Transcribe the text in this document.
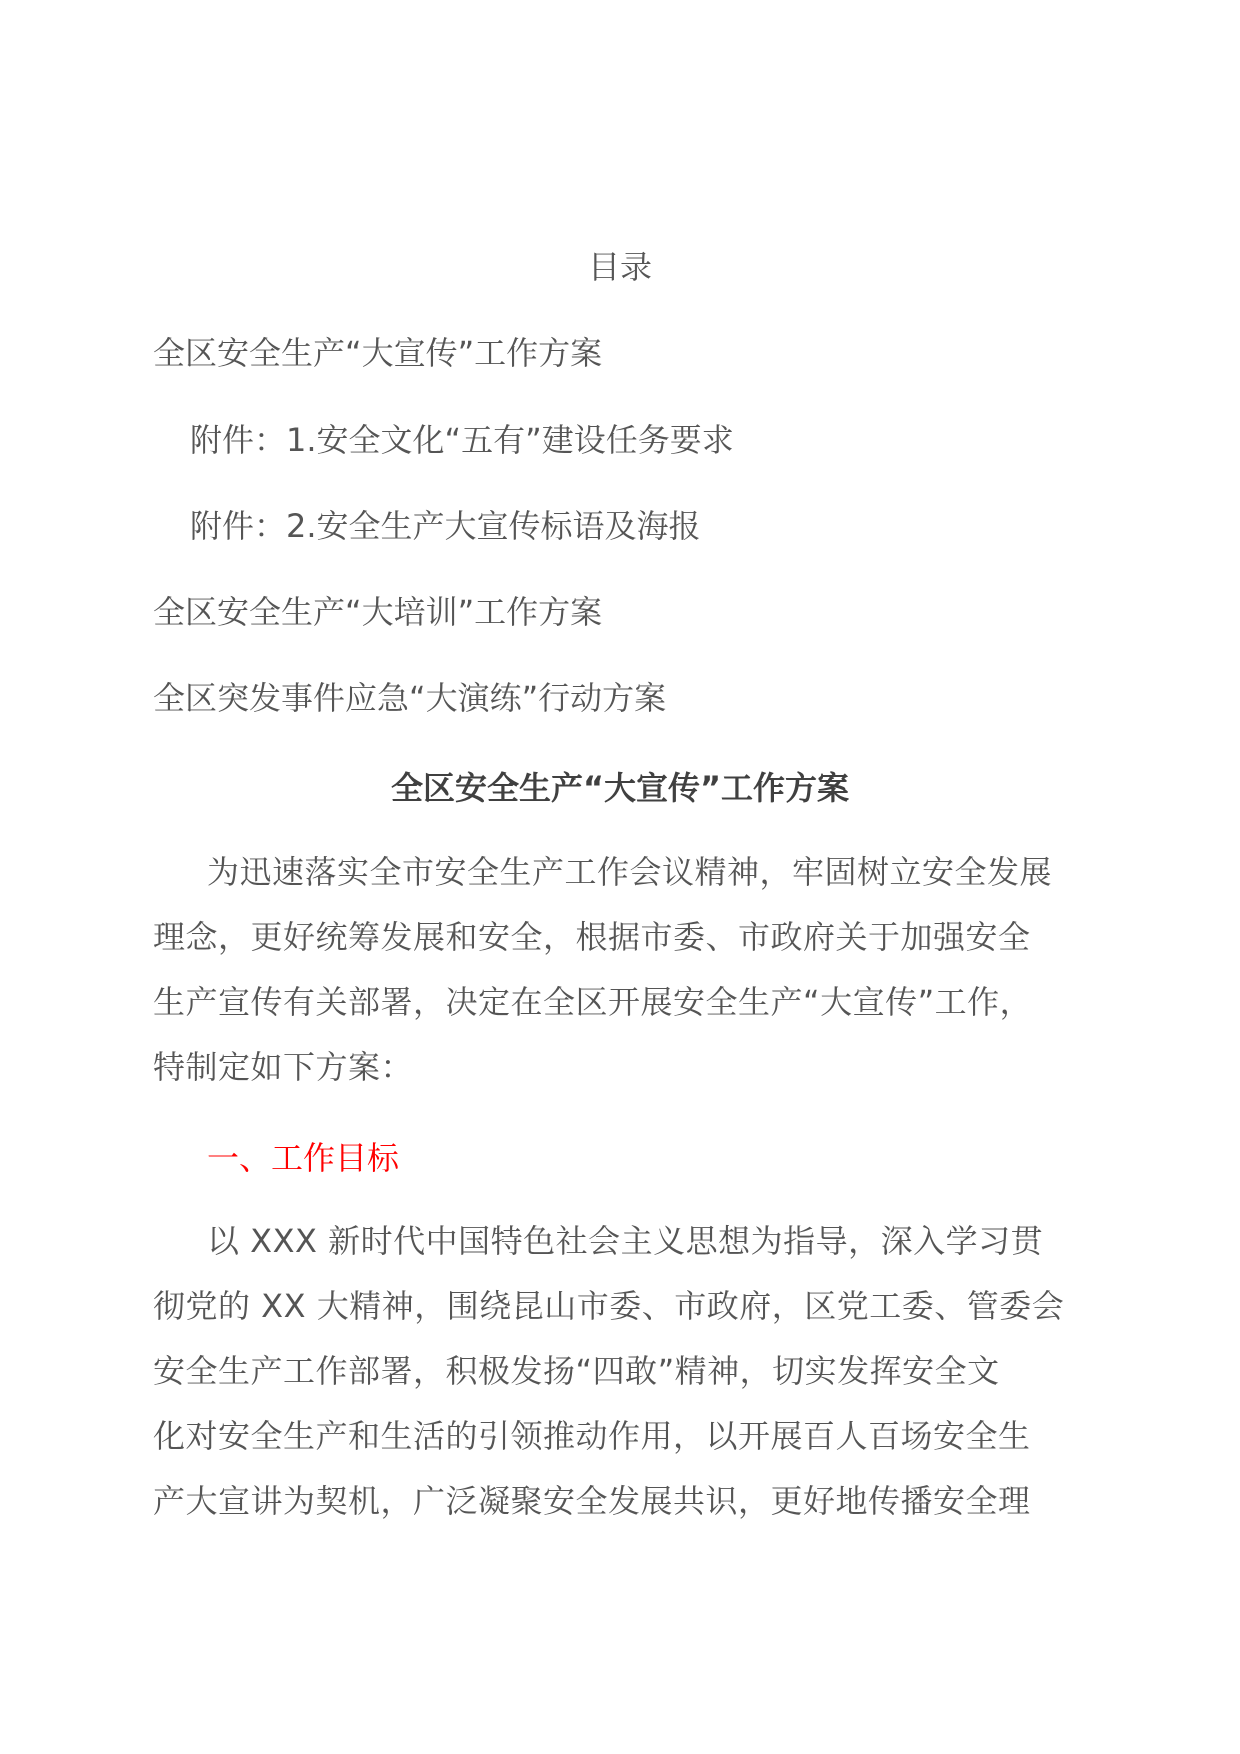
目录
全区安全生产“大宣传”工作方案
附件：1.安全文化“五有”建设任务要求
附件：2.安全生产大宣传标语及海报
全区安全生产“大培训”工作方案
全区突发事件应急“大演练”行动方案
全区安全生产“大宣传”工作方案
为迅速落实全市安全生产工作会议精神，牢固树立安全发展
理念，更好统筹发展和安全，根据市委、市政府关于加强安全
生产宣传有关部署，决定在全区开展安全生产“大宣传”工作，
特制定如下方案：
一、工作目标
以 XXX 新时代中国特色社会主义思想为指导，深入学习贯
彻党的 XX 大精神，围绕昆山市委、市政府，区党工委、管委会
安全生产工作部署，积极发扬“四敢”精神，切实发挥安全文
化对安全生产和生活的引领推动作用，以开展百人百场安全生
产大宣讲为契机，广泛凝聚安全发展共识，更好地传播安全理
